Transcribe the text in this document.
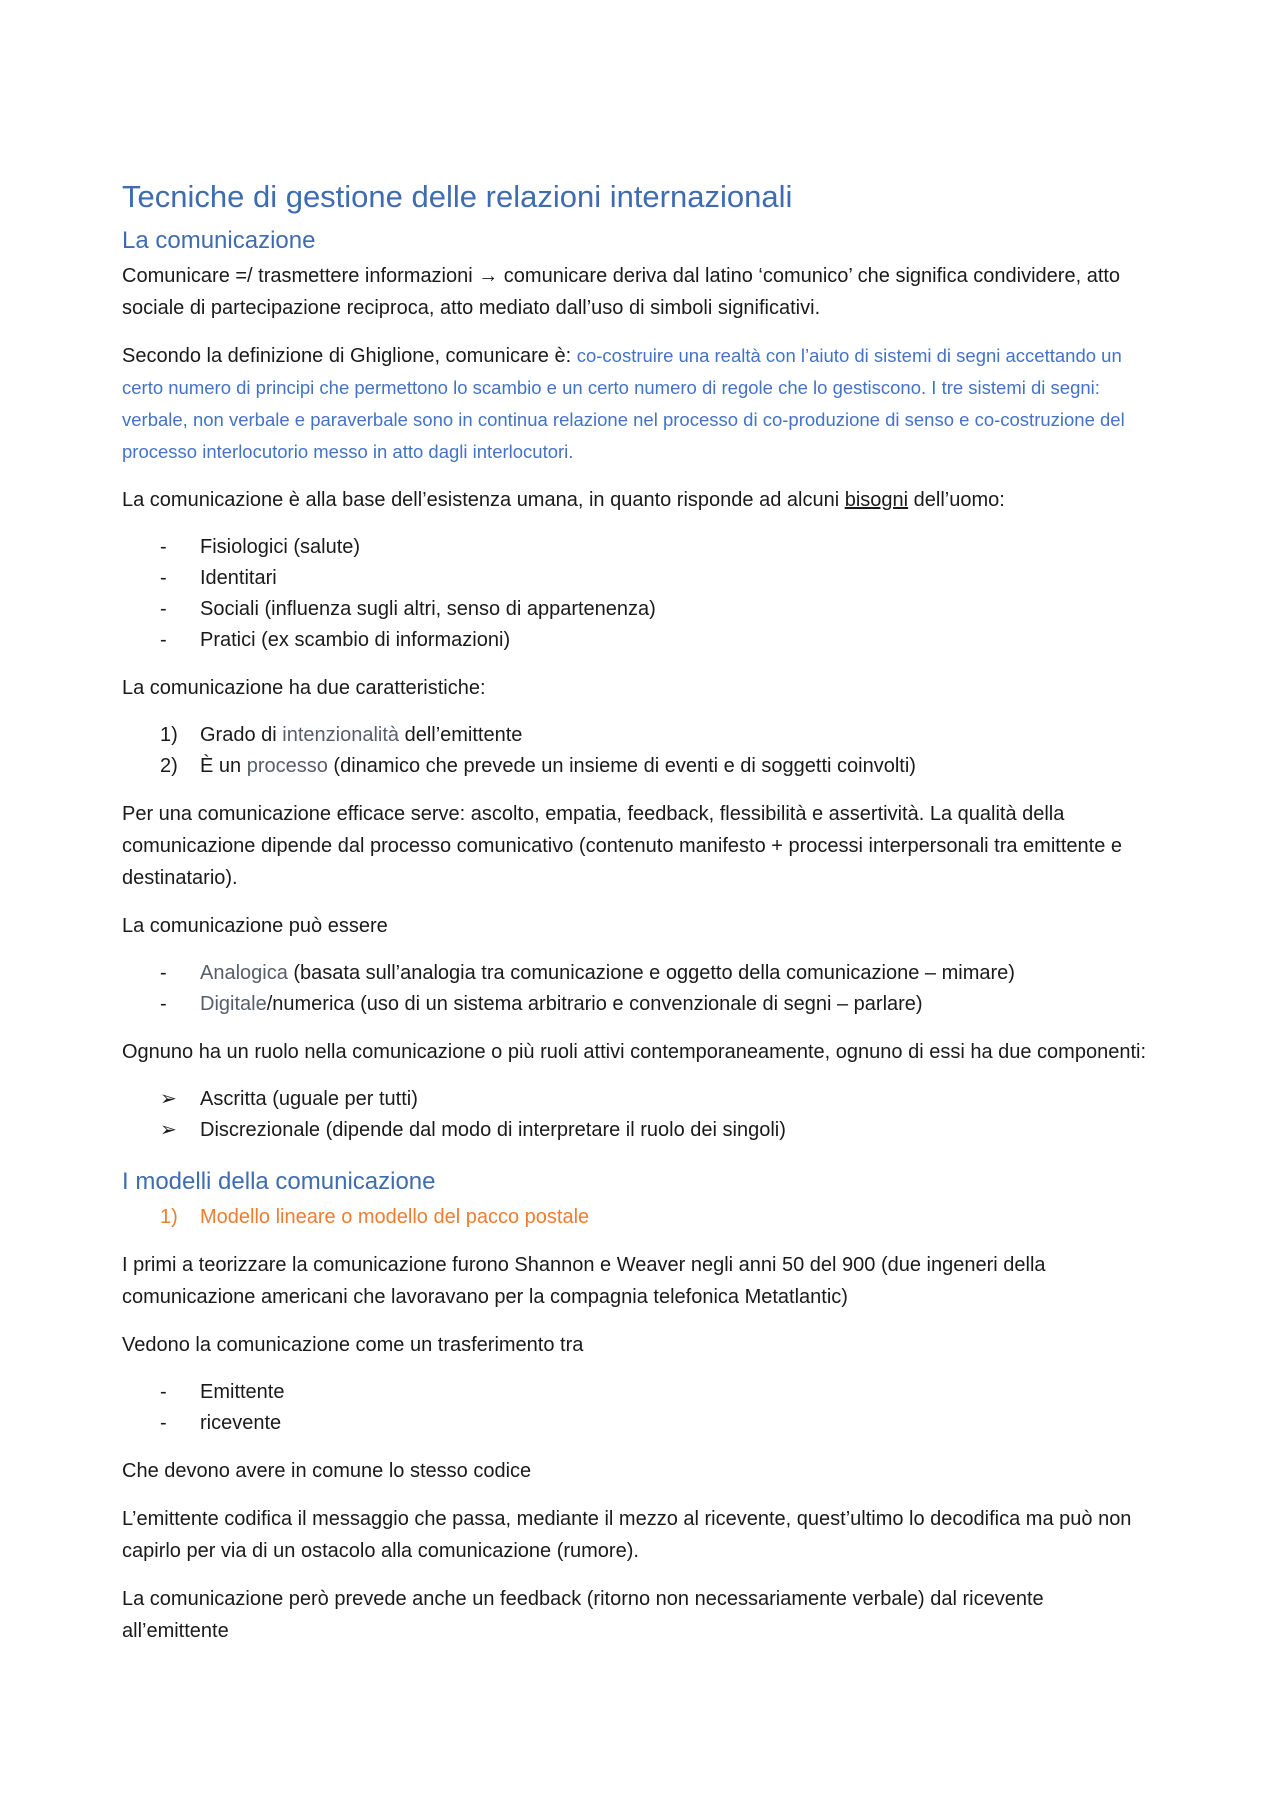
Tecniche di gestione delle relazioni internazionali
La comunicazione

Comunicare =/ trasmettere informazioni → comunicare deriva dal latino ‘comunico’ che significa condividere, atto sociale di partecipazione reciproca, atto mediato dall’uso di simboli significativi.

Secondo la definizione di Ghiglione, comunicare è: co-costruire una realtà con l’aiuto di sistemi di segni accettando un certo numero di principi che permettono lo scambio e un certo numero di regole che lo gestiscono. I tre sistemi di segni: verbale, non verbale e paraverbale sono in continua relazione nel processo di co-produzione di senso e co-costruzione del processo interlocutorio messo in atto dagli interlocutori.

La comunicazione è alla base dell’esistenza umana, in quanto risponde ad alcuni bisogni dell’uomo:

-	Fisiologici (salute)
-	Identitari
-	Sociali (influenza sugli altri, senso di appartenenza)
-	Pratici (ex scambio di informazioni)

La comunicazione ha due caratteristiche:

1)	Grado di intenzionalità dell’emittente
2)	È un processo (dinamico che prevede un insieme di eventi e di soggetti coinvolti)

Per una comunicazione efficace serve: ascolto, empatia, feedback, flessibilità e assertività. La qualità della comunicazione dipende dal processo comunicativo (contenuto manifesto + processi interpersonali tra emittente e destinatario).

La comunicazione può essere

-	Analogica (basata sull’analogia tra comunicazione e oggetto della comunicazione – mimare)
-	Digitale/numerica (uso di un sistema arbitrario e convenzionale di segni – parlare)

Ognuno ha un ruolo nella comunicazione o più ruoli attivi contemporaneamente, ognuno di essi ha due componenti:

➢	Ascritta (uguale per tutti)
➢	Discrezionale (dipende dal modo di interpretare il ruolo dei singoli)
I modelli della comunicazione
1) Modello lineare o modello del pacco postale

I primi a teorizzare la comunicazione furono Shannon e Weaver negli anni 50 del 900 (due ingeneri della comunicazione americani che lavoravano per la compagnia telefonica Metatlantic)

Vedono la comunicazione come un trasferimento tra

-	Emittente
-	ricevente

Che devono avere in comune lo stesso codice

L’emittente codifica il messaggio che passa, mediante il mezzo al ricevente, quest’ultimo lo decodifica ma può non capirlo per via di un ostacolo alla comunicazione (rumore).

La comunicazione però prevede anche un feedback (ritorno non necessariamente verbale) dal ricevente all’emittente
